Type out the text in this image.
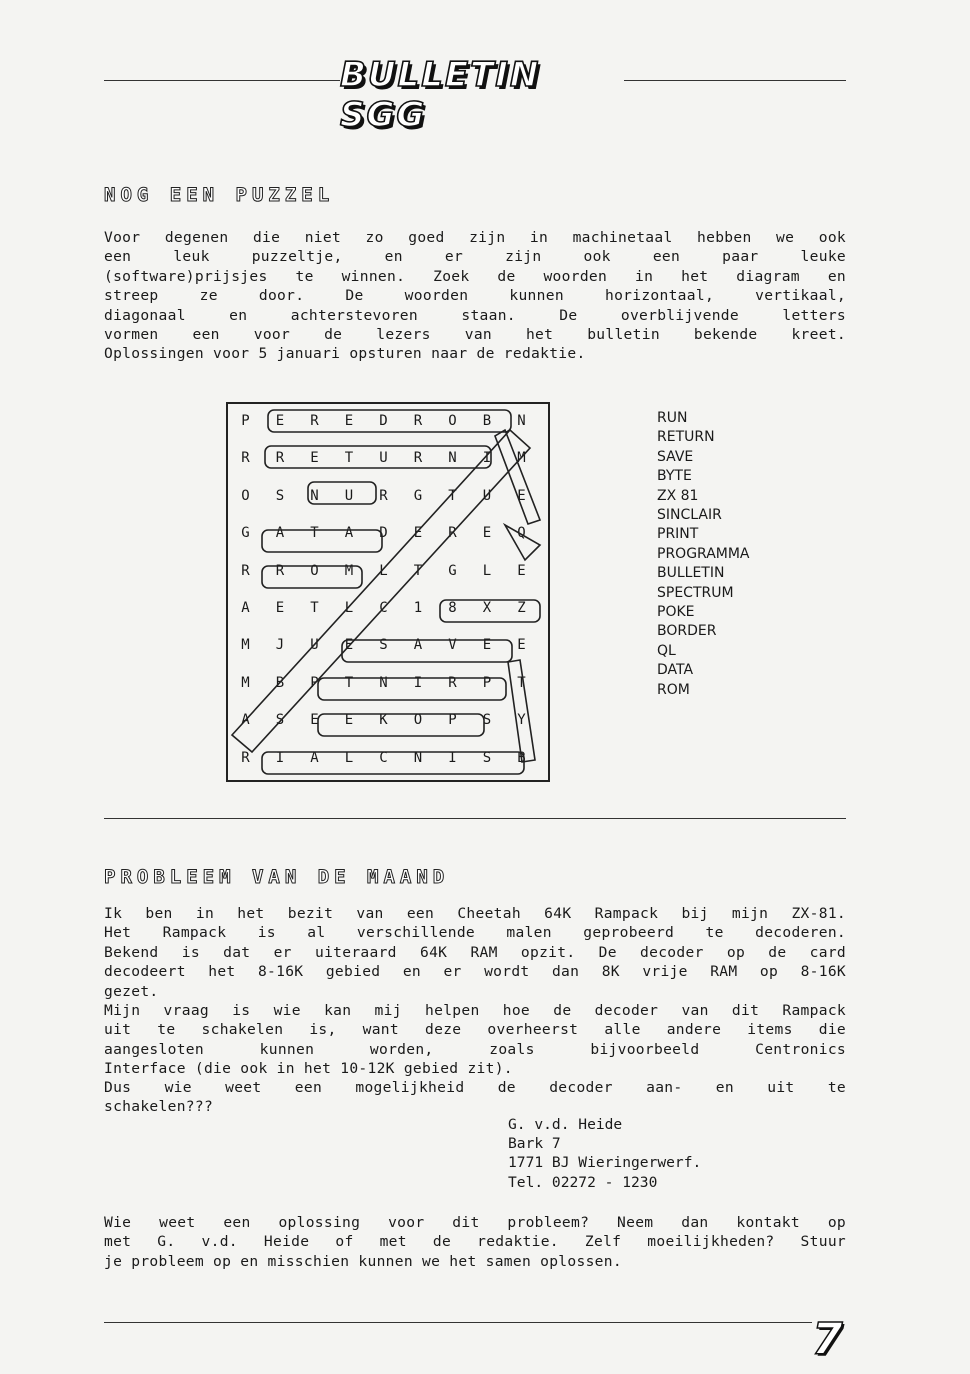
BULLETIN SGG
NOG EEN PUZZEL
Voor degenen die niet zo goed zijn in machinetaal hebben we ook
een leuk puzzeltje, en er zijn ook een paar leuke
(software)prijsjes te winnen. Zoek de woorden in het diagram en
streep ze door. De woorden kunnen horizontaal, vertikaal,
diagonaal en achterstevoren staan. De overblijvende letters
vormen een voor de lezers van het bulletin bekende kreet.
Oplossingen voor 5 januari opsturen naar de redaktie.
P	E	R	E	D	R	O	B	N
R	R	E	T	U	R	N	I	M
O	S	N	U	R	G	T	U	E
G	A	T	A	D	E	R	E	Q
R	R	O	M	L	T	G	L	E
A	E	T	L	C	1	8	X	Z
M	J	U	E	S	A	V	E	E
M	B	P	T	N	I	R	P	T
A	S	E	E	K	O	P	S	Y
R	I	A	L	C	N	I	S	B
RUN
RETURN
SAVE
BYTE
ZX 81
SINCLAIR
PRINT
PROGRAMMA
BULLETIN
SPECTRUM
POKE
BORDER
QL
DATA
ROM
PROBLEEM VAN DE MAAND
Ik ben in het bezit van een Cheetah 64K Rampack bij mijn ZX-81.
Het Rampack is al verschillende malen geprobeerd te decoderen.
Bekend is dat er uiteraard 64K RAM opzit. De decoder op de card
decodeert het 8-16K gebied en er wordt dan 8K vrije RAM op 8-16K
gezet.
Mijn vraag is wie kan mij helpen hoe de decoder van dit Rampack
uit te schakelen is, want deze overheerst alle andere items die
aangesloten kunnen worden, zoals bijvoorbeeld Centronics
Interface (die ook in het 10-12K gebied zit).
Dus wie weet een mogelijkheid de decoder aan- en uit te
schakelen???
G. v.d. Heide
Bark 7
1771 BJ Wieringerwerf.
Tel. 02272 - 1230
Wie weet een oplossing voor dit probleem? Neem dan kontakt op
met G. v.d. Heide of met de redaktie. Zelf moeilijkheden? Stuur
je probleem op en misschien kunnen we het samen oplossen.
7
